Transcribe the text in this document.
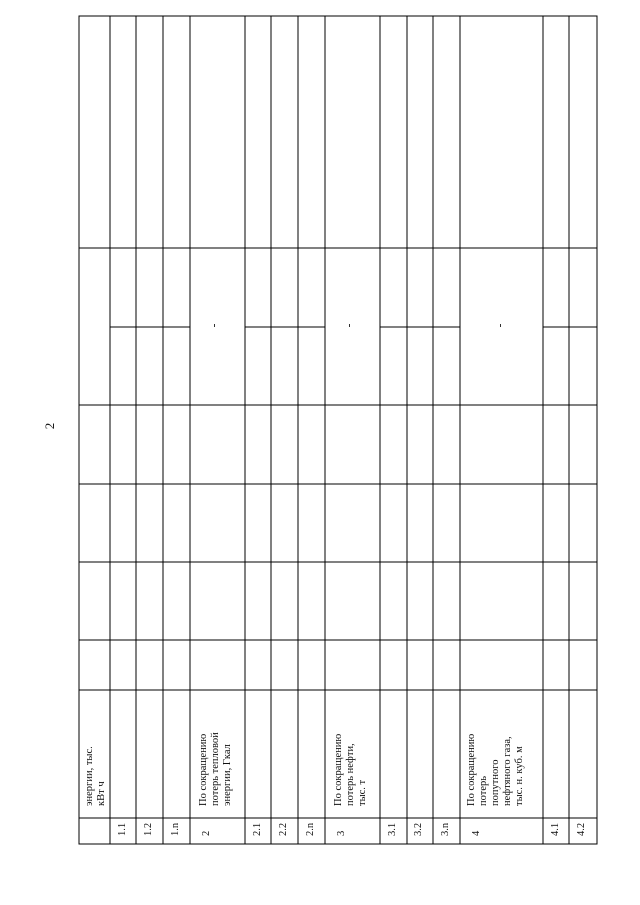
2
энергии, тыс. кВт ч
1.1 1.2 1.n 2
По сокращению потерь тепловой энергии, Гкал
-
2.1 2.2 2.n 3
По сокращению потерь нефти, тыс. т
-
3.1 3.2 3.n 4
По сокращению потерь попутного нефтяного газа, тыс. н. куб. м
-
4.1 4.2
